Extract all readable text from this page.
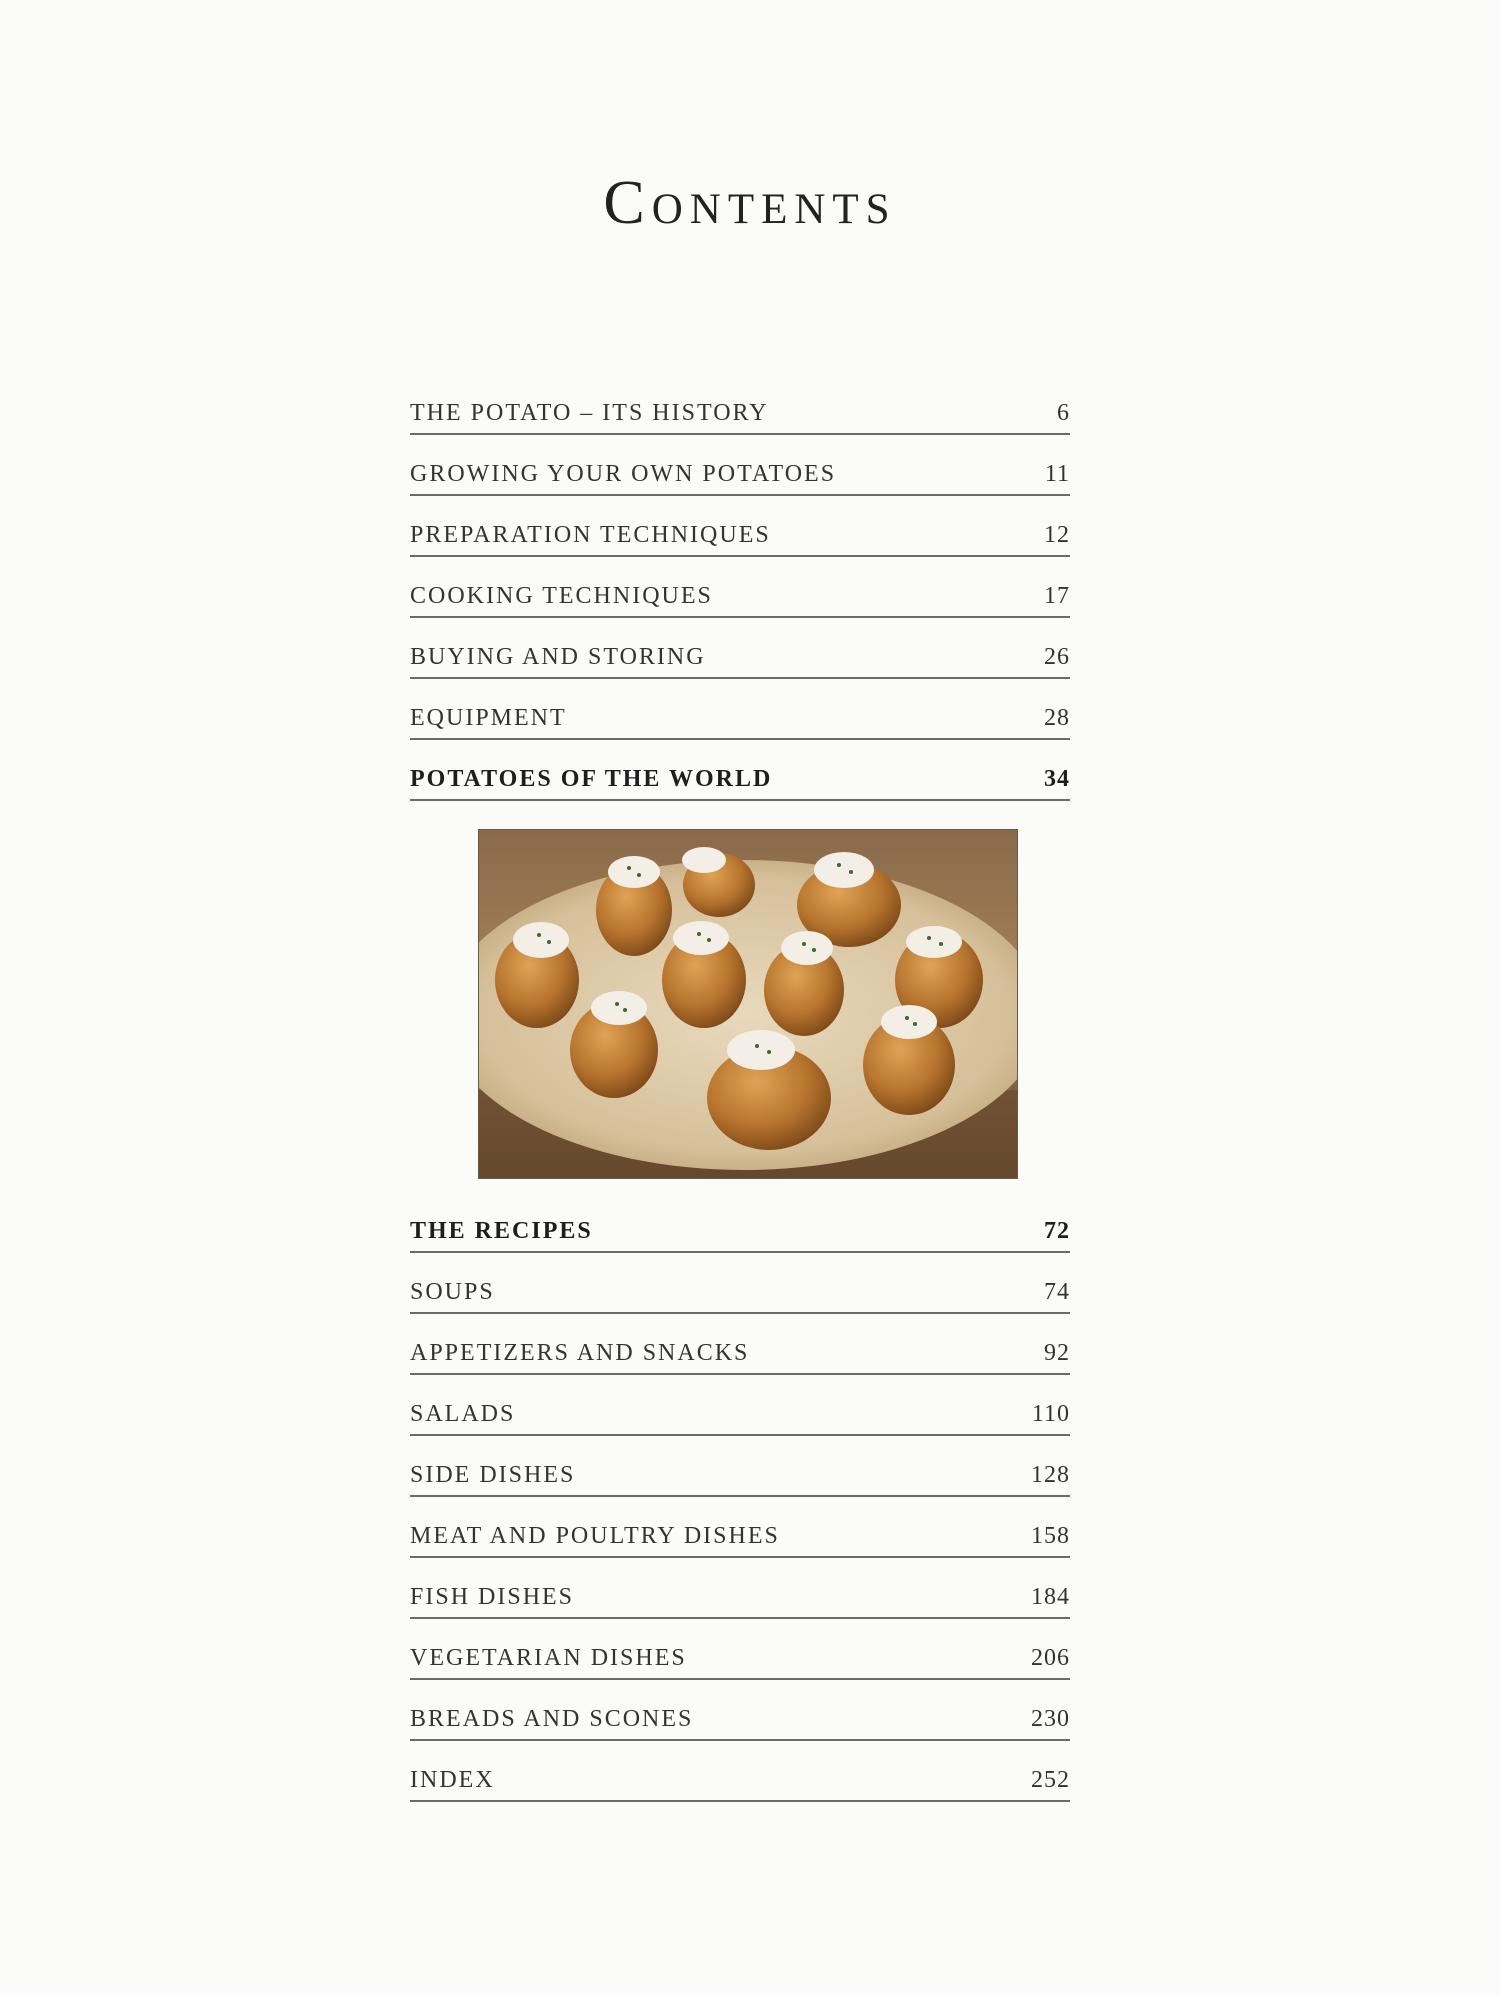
Contents
THE POTATO – ITS HISTORY	6
GROWING YOUR OWN POTATOES	11
PREPARATION TECHNIQUES	12
COOKING TECHNIQUES	17
BUYING AND STORING	26
EQUIPMENT	28
POTATOES OF THE WORLD	34
THE RECIPES	72
SOUPS	74
APPETIZERS AND SNACKS	92
SALADS	110
SIDE DISHES	128
MEAT AND POULTRY DISHES	158
FISH DISHES	184
VEGETARIAN DISHES	206
BREADS AND SCONES	230
INDEX	252
